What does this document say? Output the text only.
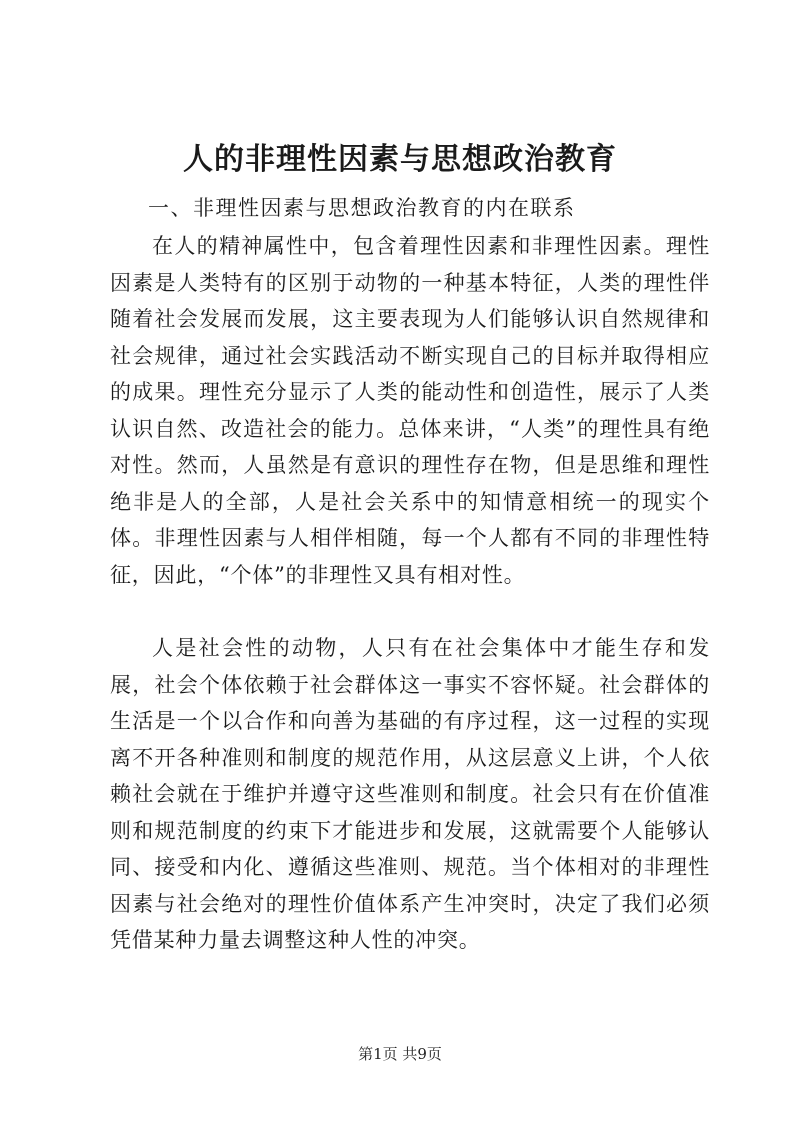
人的非理性因素与思想政治教育
一、非理性因素与思想政治教育的内在联系

在人的精神属性中，包含着理性因素和非理性因素。理性因素是人类特有的区别于动物的一种基本特征，人类的理性伴随着社会发展而发展，这主要表现为人们能够认识自然规律和社会规律，通过社会实践活动不断实现自己的目标并取得相应的成果。理性充分显示了人类的能动性和创造性，展示了人类认识自然、改造社会的能力。总体来讲，“人类”的理性具有绝对性。然而，人虽然是有意识的理性存在物，但是思维和理性绝非是人的全部，人是社会关系中的知情意相统一的现实个体。非理性因素与人相伴相随，每一个人都有不同的非理性特征，因此，“个体”的非理性又具有相对性。

人是社会性的动物，人只有在社会集体中才能生存和发展，社会个体依赖于社会群体这一事实不容怀疑。社会群体的生活是一个以合作和向善为基础的有序过程，这一过程的实现离不开各种准则和制度的规范作用，从这层意义上讲，个人依赖社会就在于维护并遵守这些准则和制度。社会只有在价值准则和规范制度的约束下才能进步和发展，这就需要个人能够认同、接受和内化、遵循这些准则、规范。当个体相对的非理性因素与社会绝对的理性价值体系产生冲突时，决定了我们必须凭借某种力量去调整这种人性的冲突。

第1页 共9页
